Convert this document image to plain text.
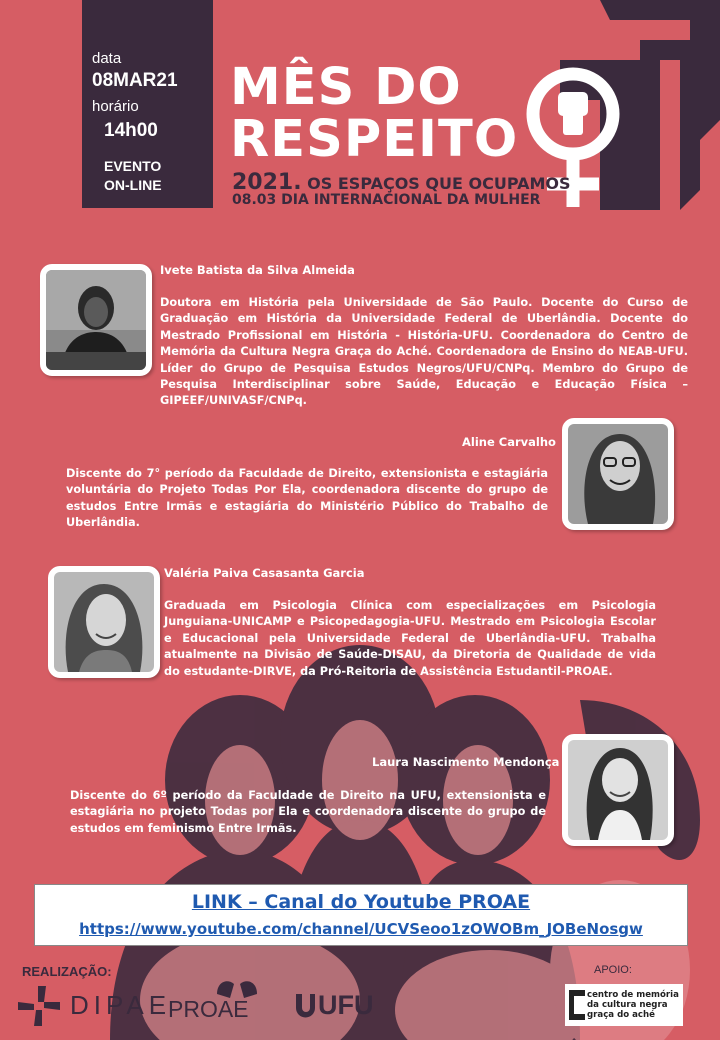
data
08MAR21
horário
14h00
EVENTO
ON-LINE
MÊS DO
RESPEITO
2021. OS ESPAÇOS QUE OCUPAMOS
08.03 DIA INTERNACIONAL DA MULHER
Ivete Batista da Silva Almeida
Doutora em História pela Universidade de São Paulo. Docente do Curso de Graduação em História da Universidade Federal de Uberlândia. Docente do Mestrado Profissional em História - História-UFU. Coordenadora do Centro de Memória da Cultura Negra Graça do Aché. Coordenadora de Ensino do NEAB-UFU. Líder do Grupo de Pesquisa Estudos Negros/UFU/CNPq. Membro do Grupo de Pesquisa Interdisciplinar sobre Saúde, Educação e Educação Física – GIPEEF/UNIVASF/CNPq.
Aline Carvalho
Discente do 7° período da Faculdade de Direito, extensionista e estagiária voluntária do Projeto Todas Por Ela, coordenadora discente do grupo de estudos Entre Irmãs e estagiária do Ministério Público do Trabalho de Uberlândia.
Valéria Paiva Casasanta Garcia
Graduada em Psicologia Clínica com especializações em Psicologia Junguiana-UNICAMP e Psicopedagogia-UFU. Mestrado em Psicologia Escolar e Educacional pela Universidade Federal de Uberlândia-UFU. Trabalha atualmente na Divisão de Saúde-DISAU, da Diretoria de Qualidade de vida do estudante-DIRVE, da Pró-Reitoria de Assistência Estudantil-PROAE.
Laura Nascimento Mendonça
Discente do 6º período da Faculdade de Direito na UFU, extensionista e estagiária no projeto Todas por Ela e coordenadora discente do grupo de estudos em feminismo Entre Irmãs.
LINK – Canal do Youtube PROAE
https://www.youtube.com/channel/UCVSeoo1zOWOBm_JOBeNosgw
REALIZAÇÃO:	APOIO:
DIPAE
PROAE	UFU	centro de memória da cultura negra graça do aché
